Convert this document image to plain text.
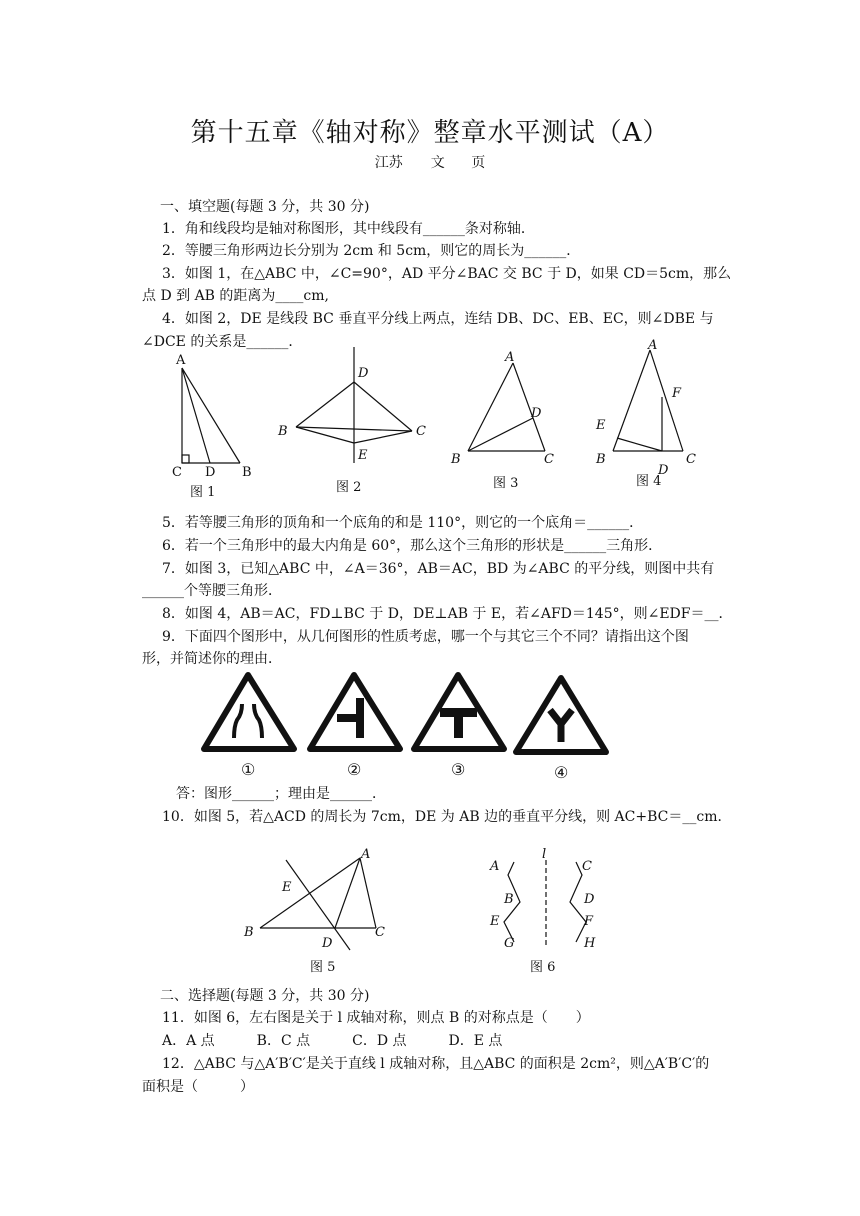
第十五章《轴对称》整章水平测试（A）
江苏　　文 页
一、填空题(每题 3 分，共 30 分)
1．角和线段均是轴对称图形，其中线段有______条对称轴．
2．等腰三角形两边长分别为 2cm 和 5cm，则它的周长为______．
3．如图 1，在△ABC 中，∠C=90°，AD 平分∠BAC 交 BC 于 D，如果 CD＝5cm，那么
点 D 到 AB 的距离为____cm,
4．如图 2，DE 是线段 BC 垂直平分线上两点，连结 DB、DC、EB、EC，则∠DBE 与
∠DCE 的关系是______．
A
C D B
图 1
D
B	C
E
图 2
A
D
B	C
图 3
A
F
E
B	C
D
图 4
5．若等腰三角形的顶角和一个底角的和是 110°，则它的一个底角＝______．
6．若一个三角形中的最大内角是 60°，那么这个三角形的形状是______三角形．
7．如图 3，已知△ABC 中，∠A＝36°，AB＝AC，BD 为∠ABC 的平分线，则图中共有
______个等腰三角形．
8．如图 4，AB＝AC，FD⊥BC 于 D，DE⊥AB 于 E，若∠AFD＝145°，则∠EDF＝__．
9．下面四个图形中，从几何图形的性质考虑，哪一个与其它三个不同？请指出这个图
形，并简述你的理由．
①	②	③	④
答：图形______；理由是______．
10．如图 5，若△ACD 的周长为 7cm，DE 为 AB 边的垂直平分线，则 AC+BC＝__cm．
A
E
B	C
D
图 5
l
A
B
E
G
C
D
F
H
图 6
二、选择题(每题 3 分，共 30 分)
11．如图 6，左右图是关于 l 成轴对称，则点 B 的对称点是（　　）
A．A 点　　　B．C 点　　　C．D 点　　　D．E 点
12．△ABC 与△A′B′C′是关于直线 l 成轴对称，且△ABC 的面积是 2cm²，则△A′B′C′的
面积是（　　　）
